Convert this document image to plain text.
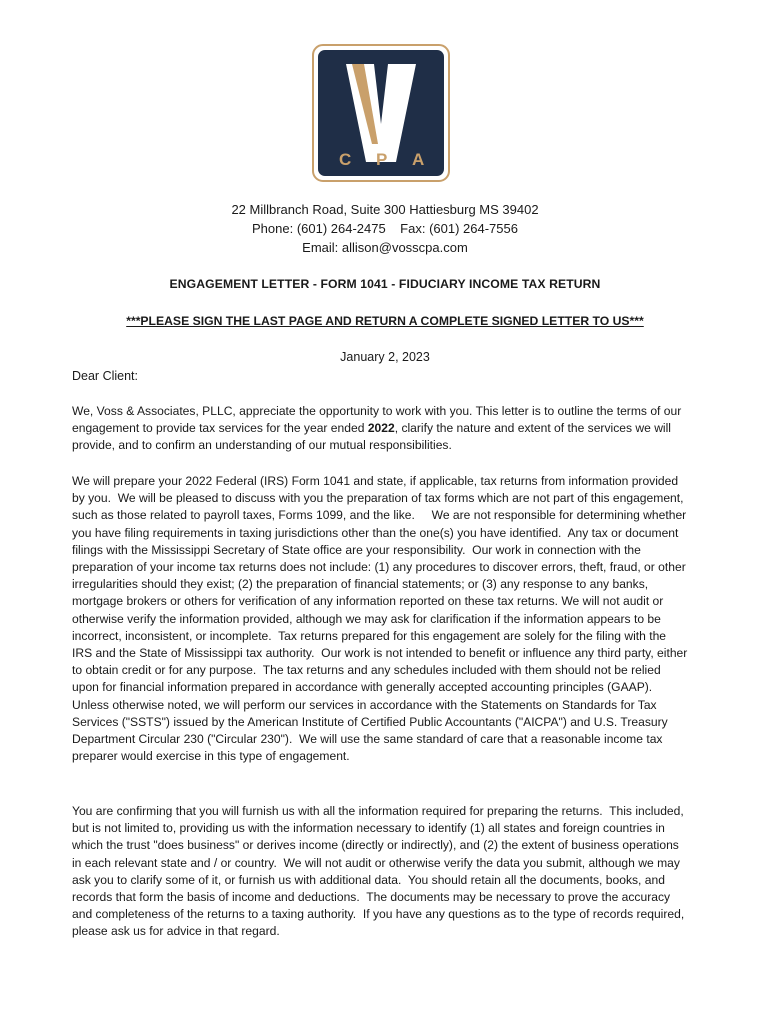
C P A
22 Millbranch Road, Suite 300 Hattiesburg MS 39402
Phone: (601) 264-2475    Fax: (601) 264-7556
Email: allison@vosscpa.com
ENGAGEMENT LETTER - FORM 1041 - FIDUCIARY INCOME TAX RETURN
***PLEASE SIGN THE LAST PAGE AND RETURN A COMPLETE SIGNED LETTER TO US***
January 2, 2023
Dear Client:

We, Voss & Associates, PLLC, appreciate the opportunity to work with you. This letter is to outline the terms of our engagement to provide tax services for the year ended 2022, clarify the nature and extent of the services we will provide, and to confirm an understanding of our mutual responsibilities.

We will prepare your 2022 Federal (IRS) Form 1041 and state, if applicable, tax returns from information provided by you.  We will be pleased to discuss with you the preparation of tax forms which are not part of this engagement, such as those related to payroll taxes, Forms 1099, and the like.     We are not responsible for determining whether you have filing requirements in taxing jurisdictions other than the one(s) you have identified.  Any tax or document filings with the Mississippi Secretary of State office are your responsibility.  Our work in connection with the preparation of your income tax returns does not include: (1) any procedures to discover errors, theft, fraud, or other irregularities should they exist; (2) the preparation of financial statements; or (3) any response to any banks, mortgage brokers or others for verification of any information reported on these tax returns. We will not audit or otherwise verify the information provided, although we may ask for clarification if the information appears to be incorrect, inconsistent, or incomplete.  Tax returns prepared for this engagement are solely for the filing with the IRS and the State of Mississippi tax authority.  Our work is not intended to benefit or influence any third party, either to obtain credit or for any purpose.  The tax returns and any schedules included with them should not be relied upon for financial information prepared in accordance with generally accepted accounting principles (GAAP).   Unless otherwise noted, we will perform our services in accordance with the Statements on Standards for Tax Services ("SSTS") issued by the American Institute of Certified Public Accountants ("AICPA") and U.S. Treasury Department Circular 230 ("Circular 230").  We will use the same standard of care that a reasonable income tax preparer would exercise in this type of engagement.

You are confirming that you will furnish us with all the information required for preparing the returns.  This included, but is not limited to, providing us with the information necessary to identify (1) all states and foreign countries in which the trust "does business" or derives income (directly or indirectly), and (2) the extent of business operations in each relevant state and / or country.  We will not audit or otherwise verify the data you submit, although we may ask you to clarify some of it, or furnish us with additional data.  You should retain all the documents, books, and records that form the basis of income and deductions.  The documents may be necessary to prove the accuracy and completeness of the returns to a taxing authority.  If you have any questions as to the type of records required, please ask us for advice in that regard.
